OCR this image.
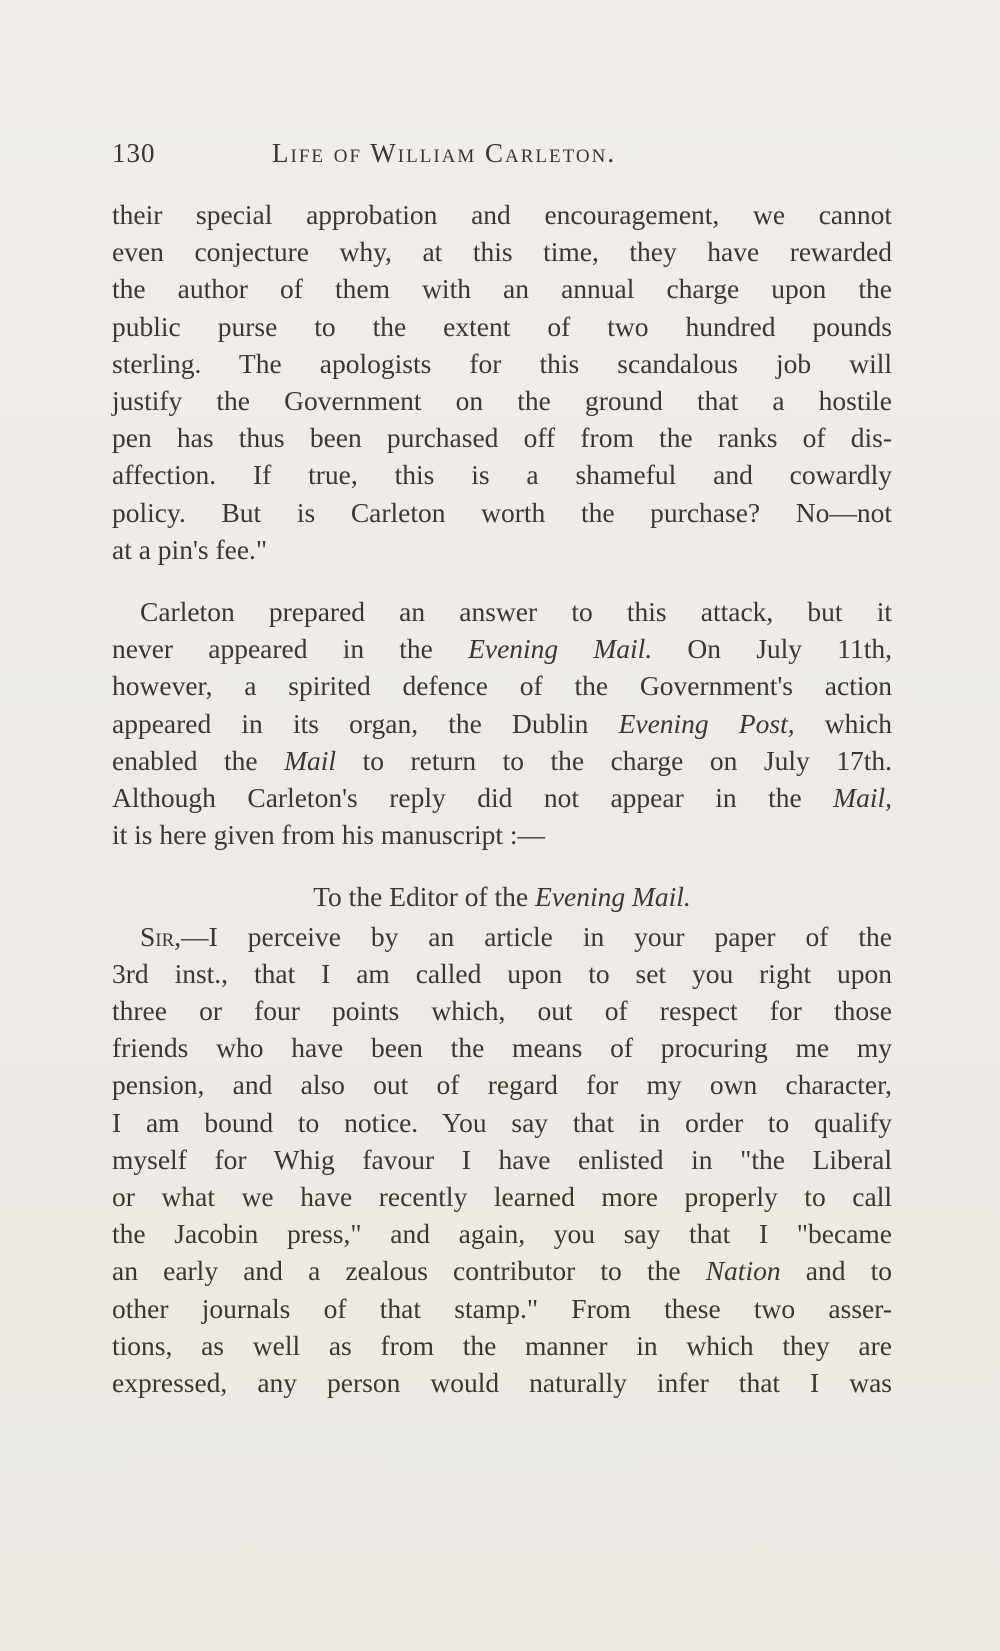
130	Life of William Carleton.
their special approbation and encouragement, we cannot
even conjecture why, at this time, they have rewarded
the author of them with an annual charge upon the
public purse to the extent of two hundred pounds
sterling. The apologists for this scandalous job will
justify the Government on the ground that a hostile
pen has thus been purchased off from the ranks of dis-
affection. If true, this is a shameful and cowardly
policy. But is Carleton worth the purchase? No—not
at a pin's fee."
Carleton prepared an answer to this attack, but it
never appeared in the Evening Mail. On July 11th,
however, a spirited defence of the Government's action
appeared in its organ, the Dublin Evening Post, which
enabled the Mail to return to the charge on July 17th.
Although Carleton's reply did not appear in the Mail,
it is here given from his manuscript :—
To the Editor of the Evening Mail.
Sir,—I perceive by an article in your paper of the
3rd inst., that I am called upon to set you right upon
three or four points which, out of respect for those
friends who have been the means of procuring me my
pension, and also out of regard for my own character,
I am bound to notice. You say that in order to qualify
myself for Whig favour I have enlisted in "the Liberal
or what we have recently learned more properly to call
the Jacobin press," and again, you say that I "became
an early and a zealous contributor to the Nation and to
other journals of that stamp." From these two asser-
tions, as well as from the manner in which they are
expressed, any person would naturally infer that I was
